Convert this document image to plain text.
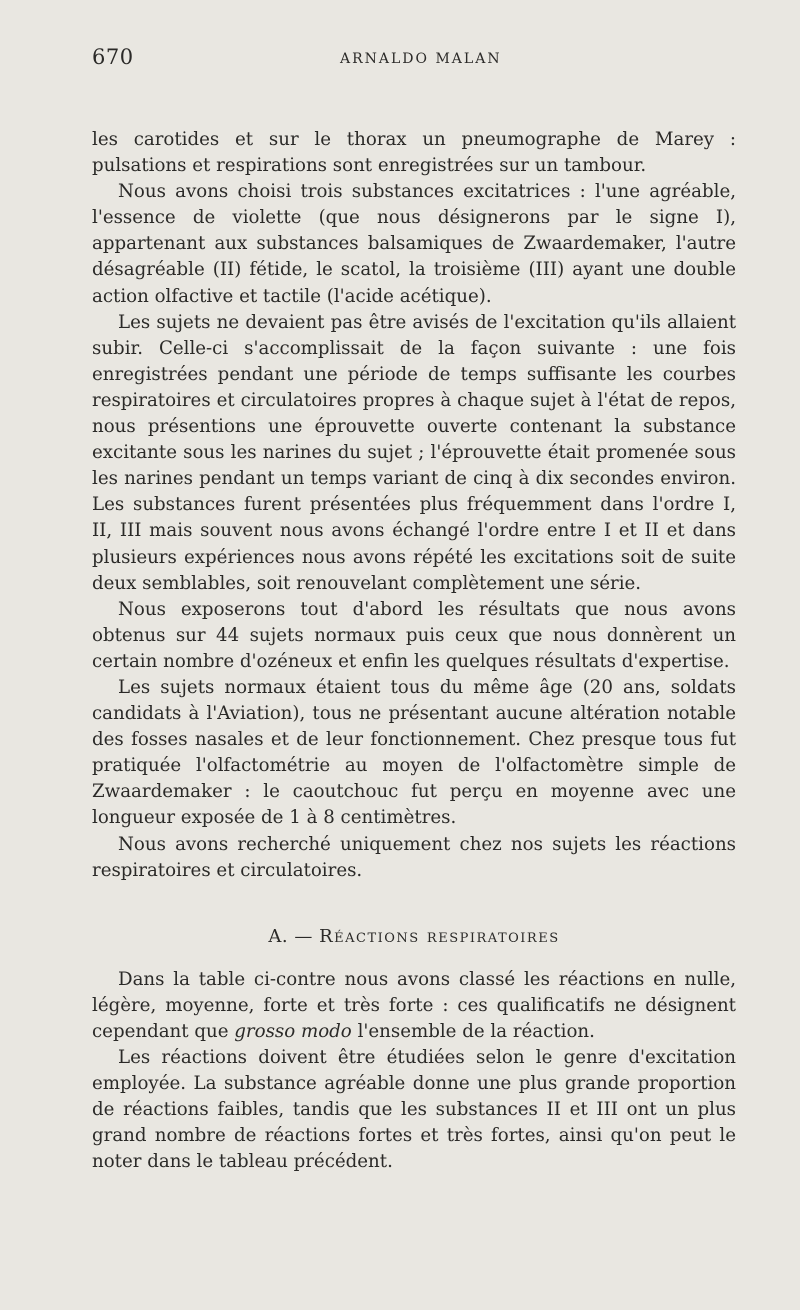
670	ARNALDO MALAN

les carotides et sur le thorax un pneumographe de Marey : pulsations et respirations sont enregistrées sur un tambour.

Nous avons choisi trois substances excitatrices : l'une agréable, l'essence de violette (que nous désignerons par le signe I), appartenant aux substances balsamiques de Zwaardemaker, l'autre désagréable (II) fétide, le scatol, la troisième (III) ayant une double action olfactive et tactile (l'acide acétique).

Les sujets ne devaient pas être avisés de l'excitation qu'ils allaient subir. Celle-ci s'accomplissait de la façon suivante : une fois enregistrées pendant une période de temps suffisante les courbes respiratoires et circulatoires propres à chaque sujet à l'état de repos, nous présentions une éprouvette ouverte contenant la substance excitante sous les narines du sujet ; l'éprouvette était promenée sous les narines pendant un temps variant de cinq à dix secondes environ. Les substances furent présentées plus fréquemment dans l'ordre I, II, III mais souvent nous avons échangé l'ordre entre I et II et dans plusieurs expériences nous avons répété les excitations soit de suite deux semblables, soit renouvelant complètement une série.

Nous exposerons tout d'abord les résultats que nous avons obtenus sur 44 sujets normaux puis ceux que nous donnèrent un certain nombre d'ozéneux et enfin les quelques résultats d'expertise.

Les sujets normaux étaient tous du même âge (20 ans, soldats candidats à l'Aviation), tous ne présentant aucune altération notable des fosses nasales et de leur fonctionnement. Chez presque tous fut pratiquée l'olfactométrie au moyen de l'olfactomètre simple de Zwaardemaker : le caoutchouc fut perçu en moyenne avec une longueur exposée de 1 à 8 centimètres.

Nous avons recherché uniquement chez nos sujets les réactions respiratoires et circulatoires.

A. — Réactions respiratoires

Dans la table ci-contre nous avons classé les réactions en nulle, légère, moyenne, forte et très forte : ces qualificatifs ne désignent cependant que grosso modo l'ensemble de la réaction.

Les réactions doivent être étudiées selon le genre d'excitation employée. La substance agréable donne une plus grande proportion de réactions faibles, tandis que les substances II et III ont un plus grand nombre de réactions fortes et très fortes, ainsi qu'on peut le noter dans le tableau précédent.
